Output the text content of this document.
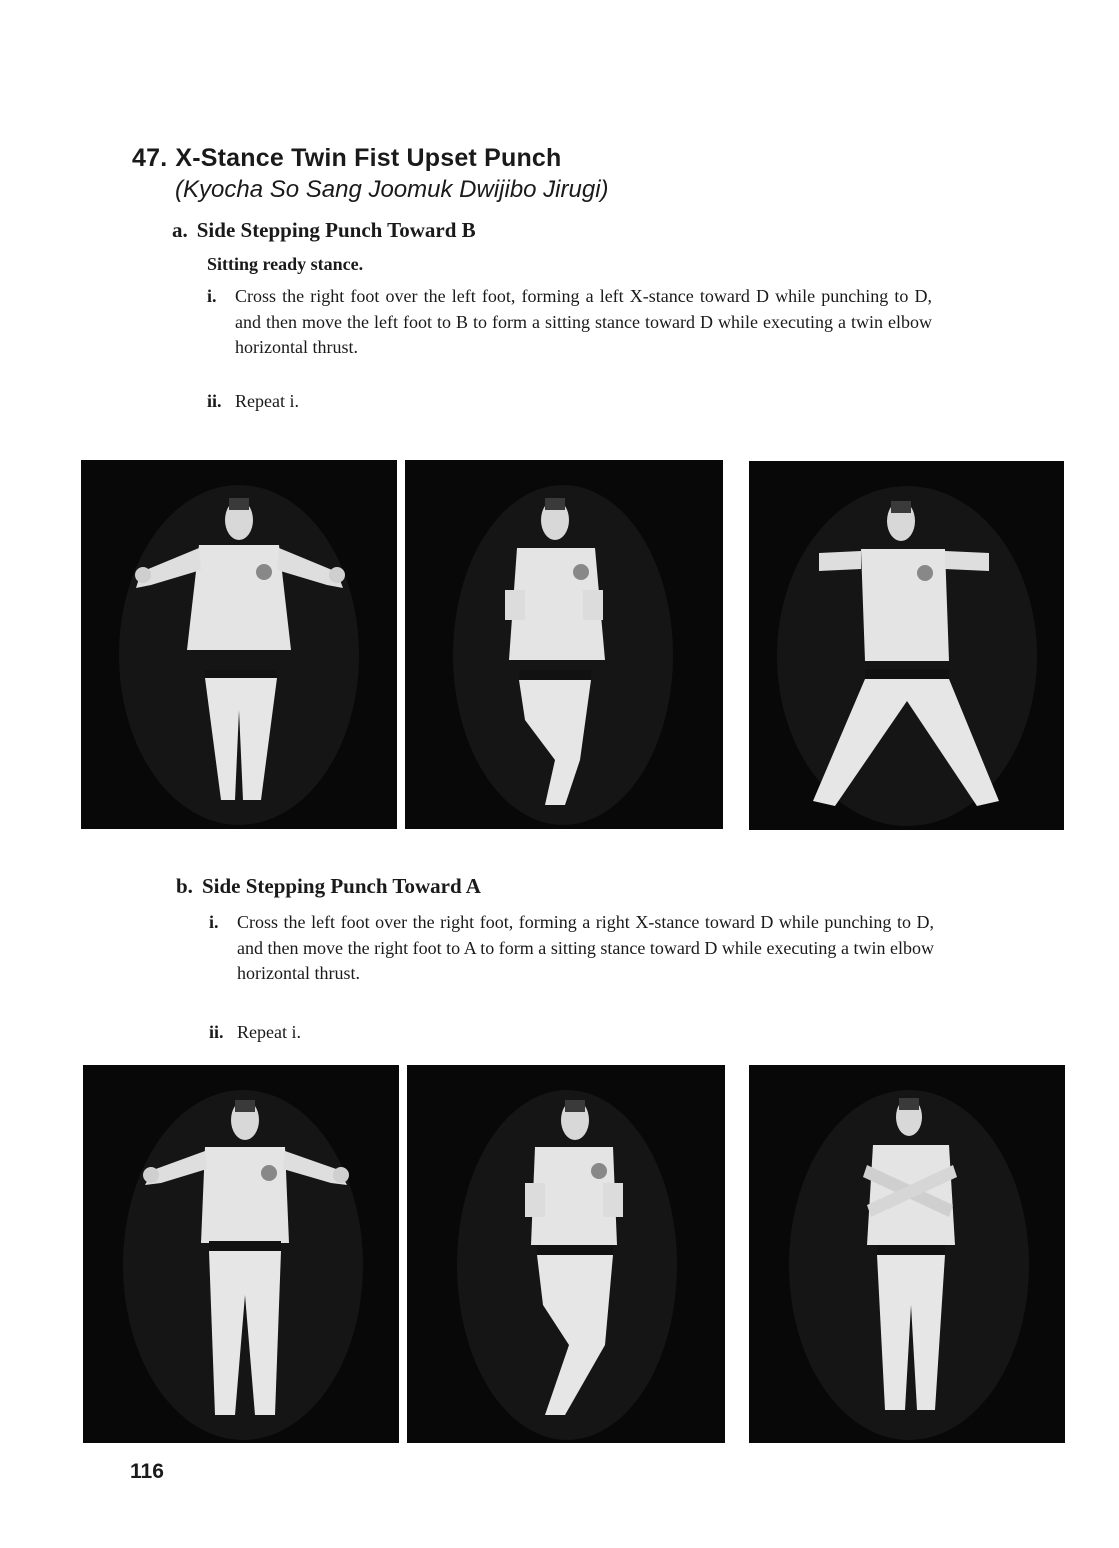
47. X-Stance Twin Fist Upset Punch

(Kyocha So Sang Joomuk Dwijibo Jirugi)

a. Side Stepping Punch Toward B

Sitting ready stance.

i. Cross the right foot over the left foot, forming a left X-stance toward D while punching to D, and then move the left foot to B to form a sitting stance toward D while executing a twin elbow horizontal thrust.
ii. Repeat i.
b. Side Stepping Punch Toward A
i. Cross the left foot over the right foot, forming a right X-stance toward D while punching to D, and then move the right foot to A to form a sitting stance toward D while executing a twin elbow horizontal thrust.
ii. Repeat i.

116
